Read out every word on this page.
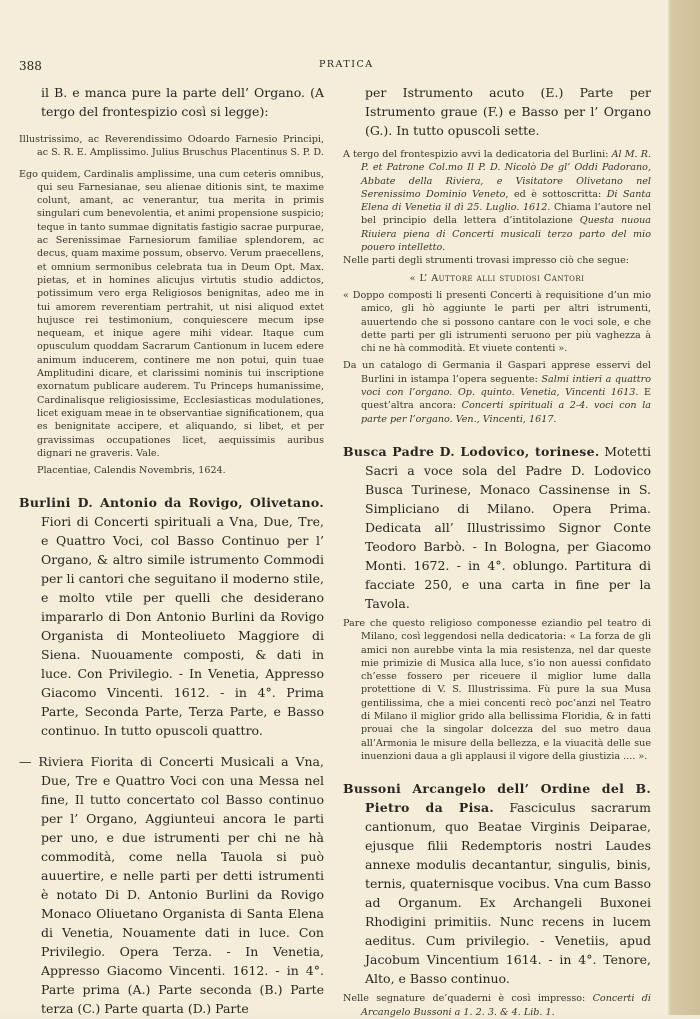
388	PRATICA

il B. e manca pure la parte dell’ Organo. (A tergo del frontespizio così si legge):

Illustrissimo, ac Reverendissimo Odoardo Farnesio Principi, ac S. R. E. Amplissimo. Julius Bruschus Placentinus S. P. D.

Ego quidem, Cardinalis amplissime, una cum ceteris omnibus, qui seu Farnesianae, seu alienae ditionis sint, te maxime colunt, amant, ac venerantur, tua merita in primis singulari cum benevolentia, et animi propensione suspicio; teque in tanto summae dignitatis fastigio sacrae purpurae, ac Serenissimae Farnesiorum familiae splendorem, ac decus, quam maxime possum, observo. Verum praecellens, et omnium sermonibus celebrata tua in Deum Opt. Max. pietas, et in homines alicujus virtutis studio addictos, potissimum vero erga Religiosos benignitas, adeo me in tui amorem reverentiam pertrahit, ut nisi aliquod extet hujusce rei testimonium, conquiescere mecum ipse nequeam, et inique agere mihi videar. Itaque cum opusculum quoddam Sacrarum Cantionum in lucem edere animum inducerem, continere me non potui, quin tuae Amplitudini dicare, et clarissimi nominis tui inscriptione exornatum publicare auderem. Tu Princeps humanissime, Cardinalisque religiosissime, Ecclesiasticas modulationes, licet exiguam meae in te observantiae significationem, qua es benignitate accipere, et aliquando, si libet, et per gravissimas occupationes licet, aequissimis auribus dignari ne graveris. Vale.

Placentiae, Calendis Novembris, 1624.

Burlini D. Antonio da Rovigo, Olivetano. Fiori di Concerti spirituali a Vna, Due, Tre, e Quattro Voci, col Basso Continuo per l’ Organo, & altro simile istrumento Commodi per li cantori che seguitano il moderno stile, e molto vtile per quelli che desiderano impararlo di Don Antonio Burlini da Rovigo Organista di Monteoliueto Maggiore di Siena. Nuouamente composti, & dati in luce. Con Privilegio. - In Venetia, Appresso Giacomo Vincenti. 1612. - in 4°. Prima Parte, Seconda Parte, Terza Parte, e Basso continuo. In tutto opuscoli quattro.

— Riviera Fiorita di Concerti Musicali a Vna, Due, Tre e Quattro Voci con una Messa nel fine, Il tutto concertato col Basso continuo per l’ Organo, Aggiunteui ancora le parti per uno, e due istrumenti per chi ne hà commodità, come nella Tauola si può auuertire, e nelle parti per detti istrumenti è notato Di D. Antonio Burlini da Rovigo Monaco Oliuetano Organista di Santa Elena di Venetia, Nouamente dati in luce. Con Privilegio. Opera Terza. - In Venetia, Appresso Giacomo Vincenti. 1612. - in 4°. Parte prima (A.) Parte seconda (B.) Parte terza (C.) Parte quarta (D.) Parte

per Istrumento acuto (E.) Parte per Istrumento graue (F.) e Basso per l’ Organo (G.). In tutto opuscoli sette.

A tergo del frontespizio avvi la dedicatoria del Burlini: Al M. R. P. et Patrone Col.mo Il P. D. Nicolò De gl’ Oddi Padorano, Abbate della Riviera, e Visitatore Olivetano nel Serenissimo Dominio Veneto, ed è sottoscritta: Di Santa Elena di Venetia il dì 25. Luglio. 1612. Chiama l’autore nel bel principio della lettera d’intitolazione Questa nuoua Riuiera piena di Concerti musicali terzo parto del mio pouero intelletto.

Nelle parti degli strumenti trovasi impresso ciò che segue:

« L’ Auttore alli studiosi Cantori

« Doppo composti li presenti Concerti à requisitione d’un mio amico, gli hò aggiunte le parti per altri istrumenti, auuertendo che si possono cantare con le voci sole, e che dette parti per gli istrumenti seruono per più vaghezza à chi ne hà commodità. Et viuete contenti ».

Da un catalogo di Germania il Gaspari apprese esservi del Burlini in istampa l’opera seguente: Salmi intieri a quattro voci con l’organo. Op. quinto. Venetia, Vincenti 1613. E quest’altra ancora: Concerti spirituali a 2-4. voci con la parte per l’organo. Ven., Vincenti, 1617.

Busca Padre D. Lodovico, torinese. Motetti Sacri a voce sola del Padre D. Lodovico Busca Turinese, Monaco Cassinense in S. Simpliciano di Milano. Opera Prima. Dedicata all’ Illustrissimo Signor Conte Teodoro Barbò. - In Bologna, per Giacomo Monti. 1672. - in 4°. oblungo. Partitura di facciate 250, e una carta in fine per la Tavola.

Pare che questo religioso componesse eziandio pel teatro di Milano, così leggendosi nella dedicatoria: « La forza de gli amici non aurebbe vinta la mia resistenza, nel dar queste mie primizie di Musica alla luce, s’io non auessi confidato ch’esse fossero per riceuere il miglior lume dalla protettione di V. S. Illustrissima. Fù pure la sua Musa gentilissima, che a miei concenti recò poc’anzi nel Teatro di Milano il miglior grido alla bellissima Floridia, & in fatti prouai che la singolar dolcezza del suo metro daua all’Armonia le misure della bellezza, e la viuacità delle sue inuenzioni daua a gli applausi il vigore della giustizia .... ».

Bussoni Arcangelo dell’ Ordine del B. Pietro da Pisa. Fasciculus sacrarum cantionum, quo Beatae Virginis Deiparae, ejusque filii Redemptoris nostri Laudes annexe modulis decantantur, singulis, binis, ternis, quaternisque vocibus. Vna cum Basso ad Organum. Ex Archangeli Buxonei Rhodigini primitiis. Nunc recens in lucem aeditus. Cum privilegio. - Venetiis, apud Jacobum Vincentium 1614. - in 4°. Tenore, Alto, e Basso continuo.

Nelle segnature de’quaderni è così impresso: Concerti di Arcangelo Bussoni a 1. 2. 3. & 4. Lib. 1.
